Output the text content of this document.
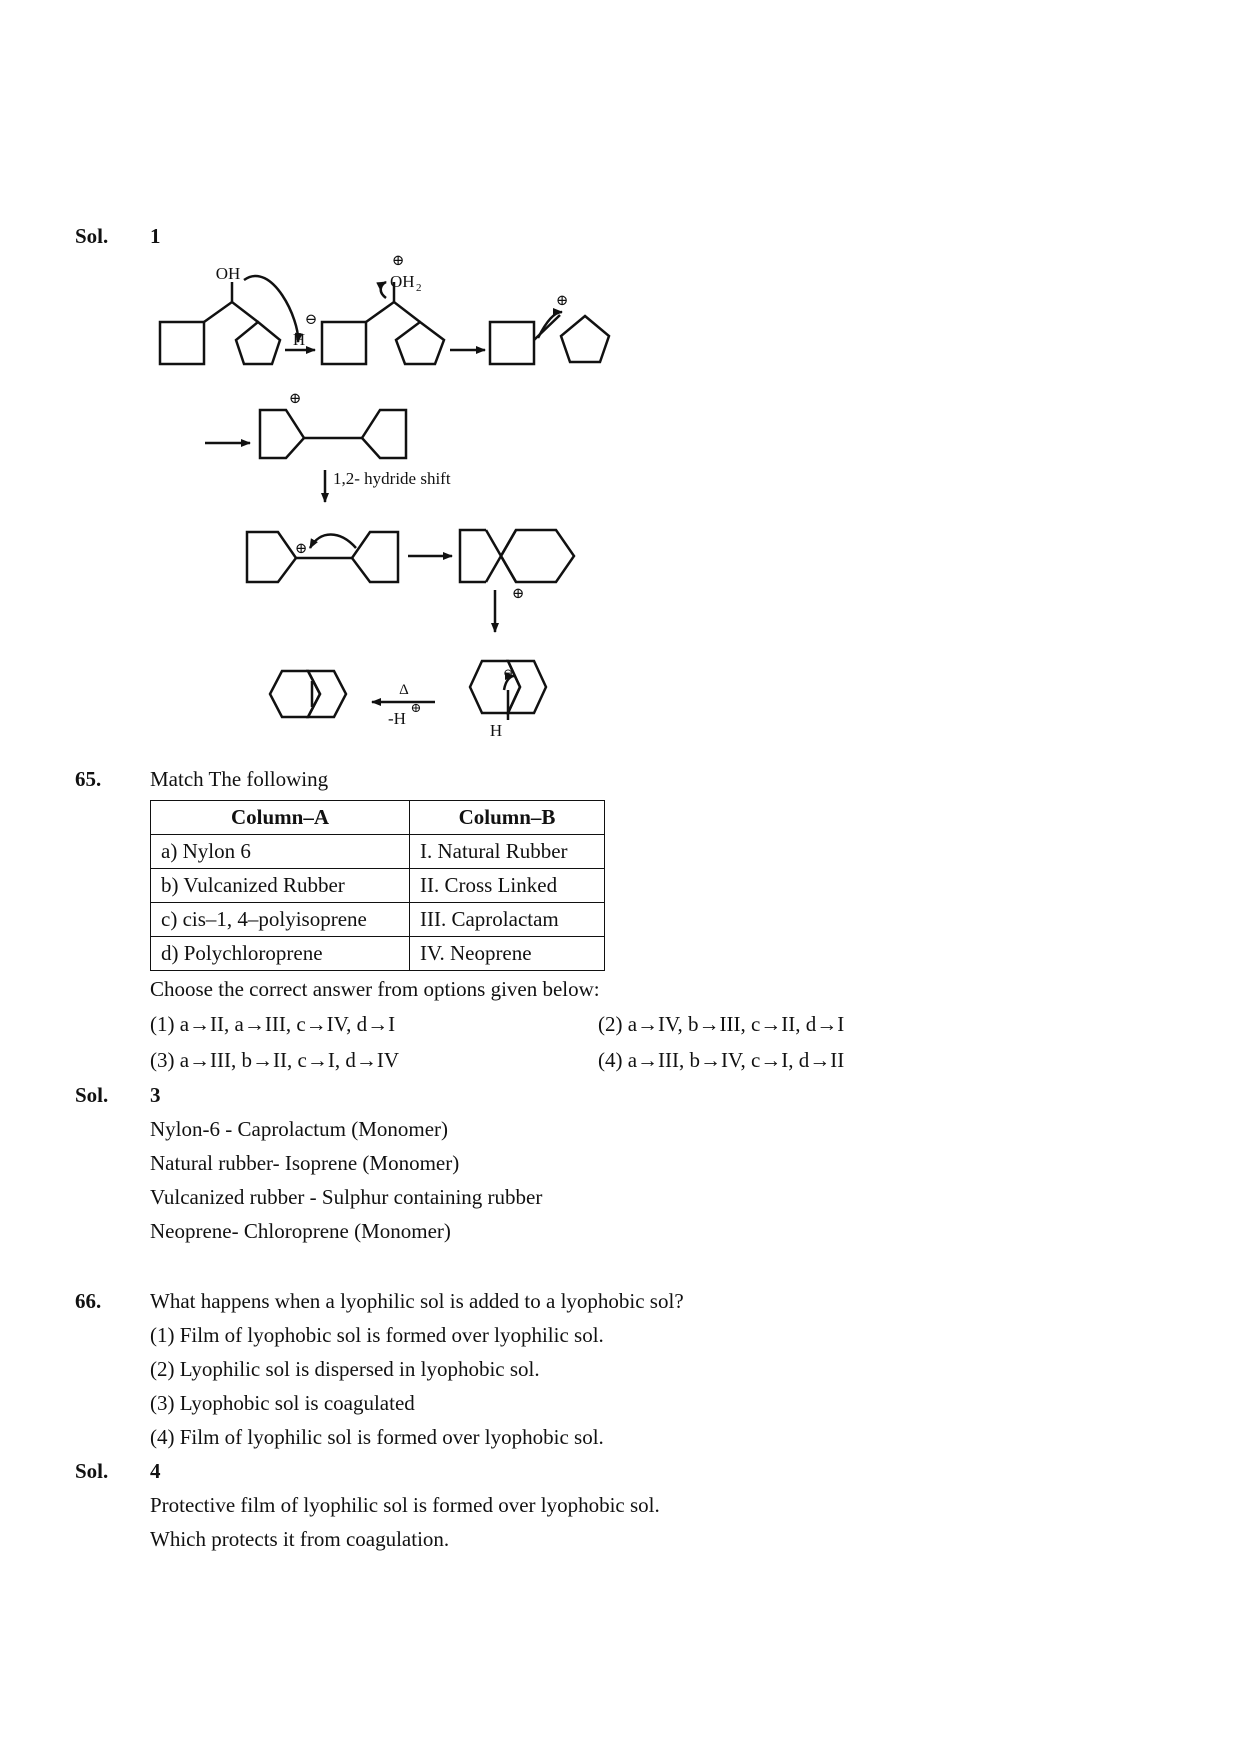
Sol. 1
OH
H
⊖
⊕
OH 2
⊕
⊕
1,2- hydride shift
⊕
⊕
Δ
-H
⊕
⊖
H
65. Match The following
Column–A	Column–B
a) Nylon 6	I. Natural Rubber
b) Vulcanized Rubber	II. Cross Linked
c) cis–1, 4–polyisoprene	III. Caprolactam
d) Polychloroprene	IV. Neoprene
Choose the correct answer from options given below:
(1) a→II, a→III, c→IV, d→I	(2) a→IV, b→III, c→II, d→I
(3) a→III, b→II, c→I, d→IV	(4) a→III, b→IV, c→I, d→II
Sol. 3
Nylon-6 - Caprolactum (Monomer)
Natural rubber- Isoprene (Monomer)
Vulcanized rubber - Sulphur containing rubber
Neoprene- Chloroprene (Monomer)
66. What happens when a lyophilic sol is added to a lyophobic sol?
(1) Film of lyophobic sol is formed over lyophilic sol.
(2) Lyophilic sol is dispersed in lyophobic sol.
(3) Lyophobic sol is coagulated
(4) Film of lyophilic sol is formed over lyophobic sol.
Sol. 4
Protective film of lyophilic sol is formed over lyophobic sol.
Which protects it from coagulation.
